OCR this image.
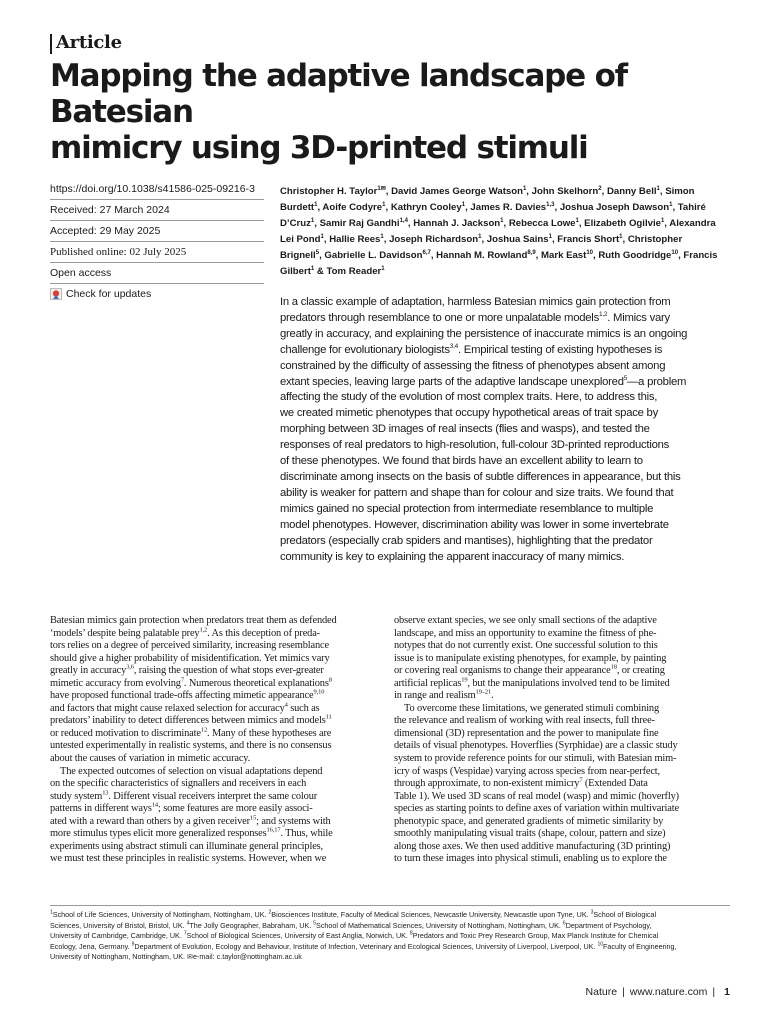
Article
Mapping the adaptive landscape of Batesian
mimicry using 3D-printed stimuli
https://doi.org/10.1038/s41586-025-09216-3
Received: 27 March 2024
Accepted: 29 May 2025
Published online: 02 July 2025
Open access
Check for updates
Christopher H. Taylor$^{1✉}$, David James George Watson$^1$, John Skelhorn$^2$, Danny Bell$^1$, Simon Burdett$^1$, Aoife Codyre$^1$, Kathryn Cooley$^1$, James R. Davies$^{1,3}$, Joshua Joseph Dawson$^1$, Tahiré D’Cruz$^1$, Samir Raj Gandhi$^{1,4}$, Hannah J. Jackson$^1$, Rebecca Lowe$^1$, Elizabeth Ogilvie$^1$, Alexandra Lei Pond$^1$, Hallie Rees$^1$, Joseph Richardson$^1$, Joshua Sains$^1$, Francis Short$^1$, Christopher Brignell$^5$, Gabrielle L. Davidson$^{6,7}$, Hannah M. Rowland$^{8,9}$, Mark East$^{10}$, Ruth Goodridge$^{10}$, Francis Gilbert$^1$ & Tom Reader$^1$
In a classic example of adaptation, harmless Batesian mimics gain protection from
predators through resemblance to one or more unpalatable models$^{1,2}$. Mimics vary
greatly in accuracy, and explaining the persistence of inaccurate mimics is an ongoing
challenge for evolutionary biologists$^{3,4}$. Empirical testing of existing hypotheses is
constrained by the difficulty of assessing the fitness of phenotypes absent among
extant species, leaving large parts of the adaptive landscape unexplored$^5$—a problem
affecting the study of the evolution of most complex traits. Here, to address this,
we created mimetic phenotypes that occupy hypothetical areas of trait space by
morphing between 3D images of real insects (flies and wasps), and tested the
responses of real predators to high-resolution, full-colour 3D-printed reproductions
of these phenotypes. We found that birds have an excellent ability to learn to
discriminate among insects on the basis of subtle differences in appearance, but this
ability is weaker for pattern and shape than for colour and size traits. We found that
mimics gained no special protection from intermediate resemblance to multiple
model phenotypes. However, discrimination ability was lower in some invertebrate
predators (especially crab spiders and mantises), highlighting that the predator
community is key to explaining the apparent inaccuracy of many mimics.
Batesian mimics gain protection when predators treat them as defended
‘models’ despite being palatable prey$^{1,2}$. As this deception of preda-
tors relies on a degree of perceived similarity, increasing resemblance
should give a higher probability of misidentification. Yet mimics vary
greatly in accuracy$^{3,6}$, raising the question of what stops ever-greater
mimetic accuracy from evolving$^7$. Numerous theoretical explanations$^8$
have proposed functional trade-offs affecting mimetic appearance$^{9,10}$
and factors that might cause relaxed selection for accuracy$^4$ such as
predators’ inability to detect differences between mimics and models$^{11}$
or reduced motivation to discriminate$^{12}$. Many of these hypotheses are
untested experimentally in realistic systems, and there is no consensus
about the causes of variation in mimetic accuracy.
The expected outcomes of selection on visual adaptations depend
on the specific characteristics of signallers and receivers in each
study system$^{13}$. Different visual receivers interpret the same colour
patterns in different ways$^{14}$; some features are more easily associ-
ated with a reward than others by a given receiver$^{15}$; and systems with
more stimulus types elicit more generalized responses$^{16,17}$. Thus, while
experiments using abstract stimuli can illuminate general principles,
we must test these principles in realistic systems. However, when we
observe extant species, we see only small sections of the adaptive
landscape, and miss an opportunity to examine the fitness of phe-
notypes that do not currently exist. One successful solution to this
issue is to manipulate existing phenotypes, for example, by painting
or covering real organisms to change their appearance$^{18}$, or creating
artificial replicas$^{19}$, but the manipulations involved tend to be limited
in range and realism$^{19-21}$.
To overcome these limitations, we generated stimuli combining
the relevance and realism of working with real insects, full three-
dimensional (3D) representation and the power to manipulate fine
details of visual phenotypes. Hoverflies (Syrphidae) are a classic study
system to provide reference points for our stimuli, with Batesian mim-
icry of wasps (Vespidae) varying across species from near-perfect,
through approximate, to non-existent mimicry$^7$ (Extended Data
Table 1). We used 3D scans of real model (wasp) and mimic (hoverfly)
species as starting points to define axes of variation within multivariate
phenotypic space, and generated gradients of mimetic similarity by
smoothly manipulating visual traits (shape, colour, pattern and size)
along those axes. We then used additive manufacturing (3D printing)
to turn these images into physical stimuli, enabling us to explore the
$^1$School of Life Sciences, University of Nottingham, Nottingham, UK. $^2$Biosciences Institute, Faculty of Medical Sciences, Newcastle University, Newcastle upon Tyne, UK. $^3$School of Biological
Sciences, University of Bristol, Bristol, UK. $^4$The Jolly Geographer, Babraham, UK. $^5$School of Mathematical Sciences, University of Nottingham, Nottingham, UK. $^6$Department of Psychology,
University of Cambridge, Cambridge, UK. $^7$School of Biological Sciences, University of East Anglia, Norwich, UK. $^8$Predators and Toxic Prey Research Group, Max Planck Institute for Chemical
Ecology, Jena, Germany. $^9$Department of Evolution, Ecology and Behaviour, Institute of Infection, Veterinary and Ecological Sciences, University of Liverpool, Liverpool, UK. $^{10}$Faculty of Engineering,
University of Nottingham, Nottingham, UK. ✉e-mail: c.taylor@nottingham.ac.uk
Nature | www.nature.com | 1
